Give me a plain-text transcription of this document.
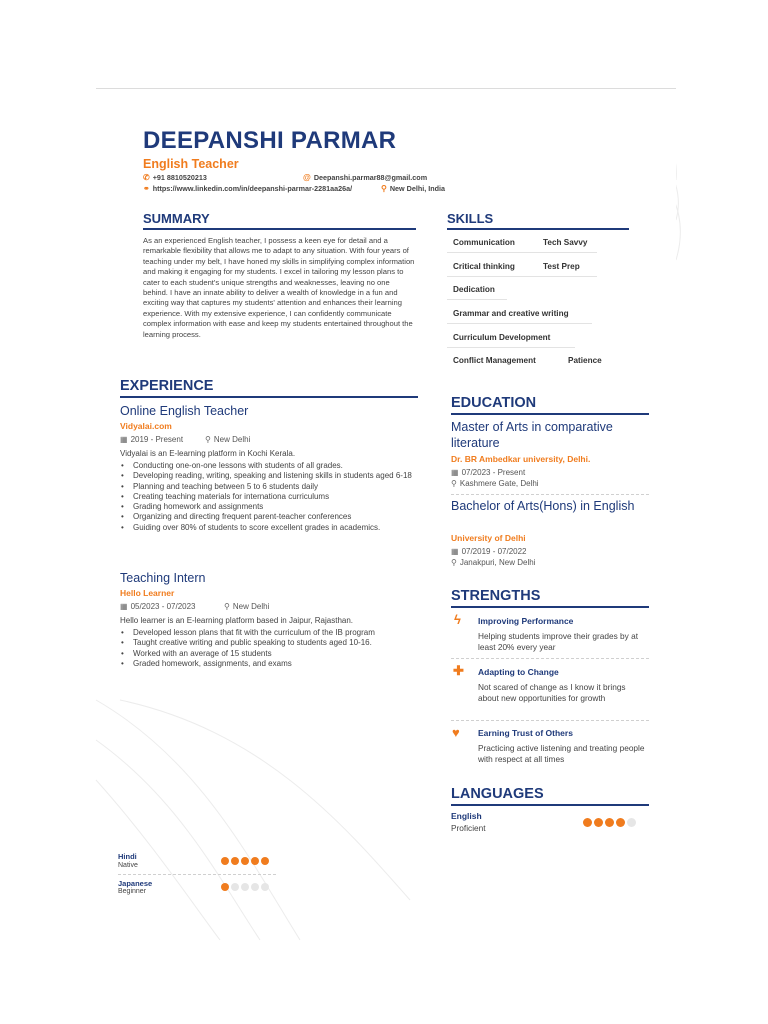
DEEPANSHI PARMAR
English Teacher
✆ +91 8810520213	@ Deepanshi.parmar88@gmail.com
⚭ https://www.linkedin.com/in/deepanshi-parmar-2281aa26a/	⚲ New Delhi, India
SUMMARY
As an experienced English teacher, I possess a keen eye for detail and a remarkable flexibility that allows me to adapt to any situation. With four years of teaching under my belt, I have honed my skills in simplifying complex information and making it engaging for my students. I excel in tailoring my lesson plans to cater to each student's unique strengths and weaknesses, leaving no one behind. I have an innate ability to deliver a wealth of knowledge in a fun and exciting way that captures my students' attention and enhances their learning experience. With my extensive experience, I can confidently communicate complex information with ease and keep my students entertained throughout the learning process.
SKILLS
Communication	Tech Savvy
Critical thinking	Test Prep
Dedication
Grammar and creative writing
Curriculum Development
Conflict Management	Patience
EXPERIENCE
Online English Teacher
Vidyalai.com
▦ 2019 - Present	⚲ New Delhi
Vidyalai is an E-learning platform in Kochi Kerala.
• Conducting one-on-one lessons with students of all grades.
• Developing reading, writing, speaking and listening skills in students aged 6-18
• Planning and teaching between 5 to 6 students daily
• Creating teaching materials for internationa curriculums
• Grading homework and assignments
• Organizing and directing frequent parent-teacher conferences
• Guiding over 80% of students to score excellent grades in academics.
Teaching Intern
Hello Learner
▦ 05/2023 - 07/2023	⚲ New Delhi
Hello learner is an E-learning platform based in Jaipur, Rajasthan.
• Developed lesson plans that fit with the curriculum of the IB program
• Taught creative writing and public speaking to students aged 10-16.
• Worked with an average of 15 students
• Graded homework, assignments, and exams
EDUCATION
Master of Arts in comparative literature
Dr. BR Ambedkar university, Delhi.
▦ 07/2023 - Present
⚲ Kashmere Gate, Delhi
Bachelor of Arts(Hons) in English
University of Delhi
▦ 07/2019 - 07/2022
⚲ Janakpuri, New Delhi
STRENGTHS
ϟ Improving Performance
Helping students improve their grades by at least 20% every year
✚ Adapting to Change
Not scared of change as I know it brings about new opportunities for growth
♥ Earning Trust of Others
Practicing active listening and treating people with respect at all times
LANGUAGES
English
Proficient
Hindi
Native
Japanese
Beginner
